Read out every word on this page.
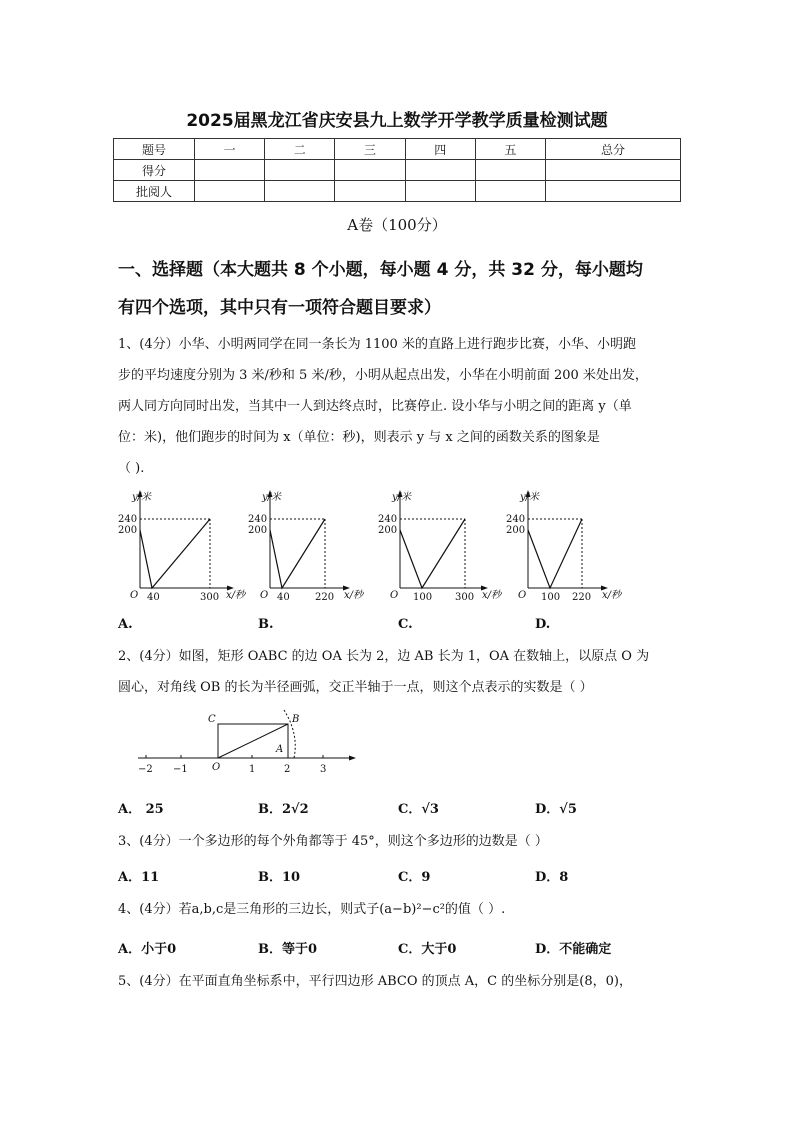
2025届黑龙江省庆安县九上数学开学教学质量检测试题
题号	一	二	三	四	五	总分
得分						
批阅人						
A卷（100分）
一、选择题（本大题共 8 个小题，每小题 4 分，共 32 分，每小题均
有四个选项，其中只有一项符合题目要求）
1、(4分）小华、小明两同学在同一条长为 1100 米的直路上进行跑步比赛，小华、小明跑
步的平均速度分别为 3 米/秒和 5 米/秒，小明从起点出发，小华在小明前面 200 米处出发，
两人同方向同时出发，当其中一人到达终点时，比赛停止. 设小华与小明之间的距离 y（单
位：米)，他们跑步的时间为 x（单位：秒)，则表示 y 与 x 之间的函数关系的图象是
（ ).
y/米
240
200
O 40	300 x/秒
y/米
240
200
O 40	220 x/秒
y/米
240
200
O 100 300 x/秒
y/米
240
200
O 100 220 x/秒
A.	B.	C.	D.
2、(4分）如图，矩形 OABC 的边 OA 长为 2，边 AB 长为 1，OA 在数轴上，以原点 O 为
圆心，对角线 OB 的长为半径画弧，交正半轴于一点，则这个点表示的实数是（ ）
C	B
A
O
−2 −1	1	2	3
A． 25	B．2√2	C．√3	D．√5
3、(4分）一个多边形的每个外角都等于 45°，则这个多边形的边数是（ ）
A．11	B．10	C．9	D．8
4、(4分）若a,b,c是三角形的三边长，则式子(a−b)²−c²的值（ ）.
A．小于0	B．等于0	C．大于0	D．不能确定
5、(4分）在平面直角坐标系中，平行四边形 ABCO 的顶点 A，C 的坐标分别是(8，0)，
